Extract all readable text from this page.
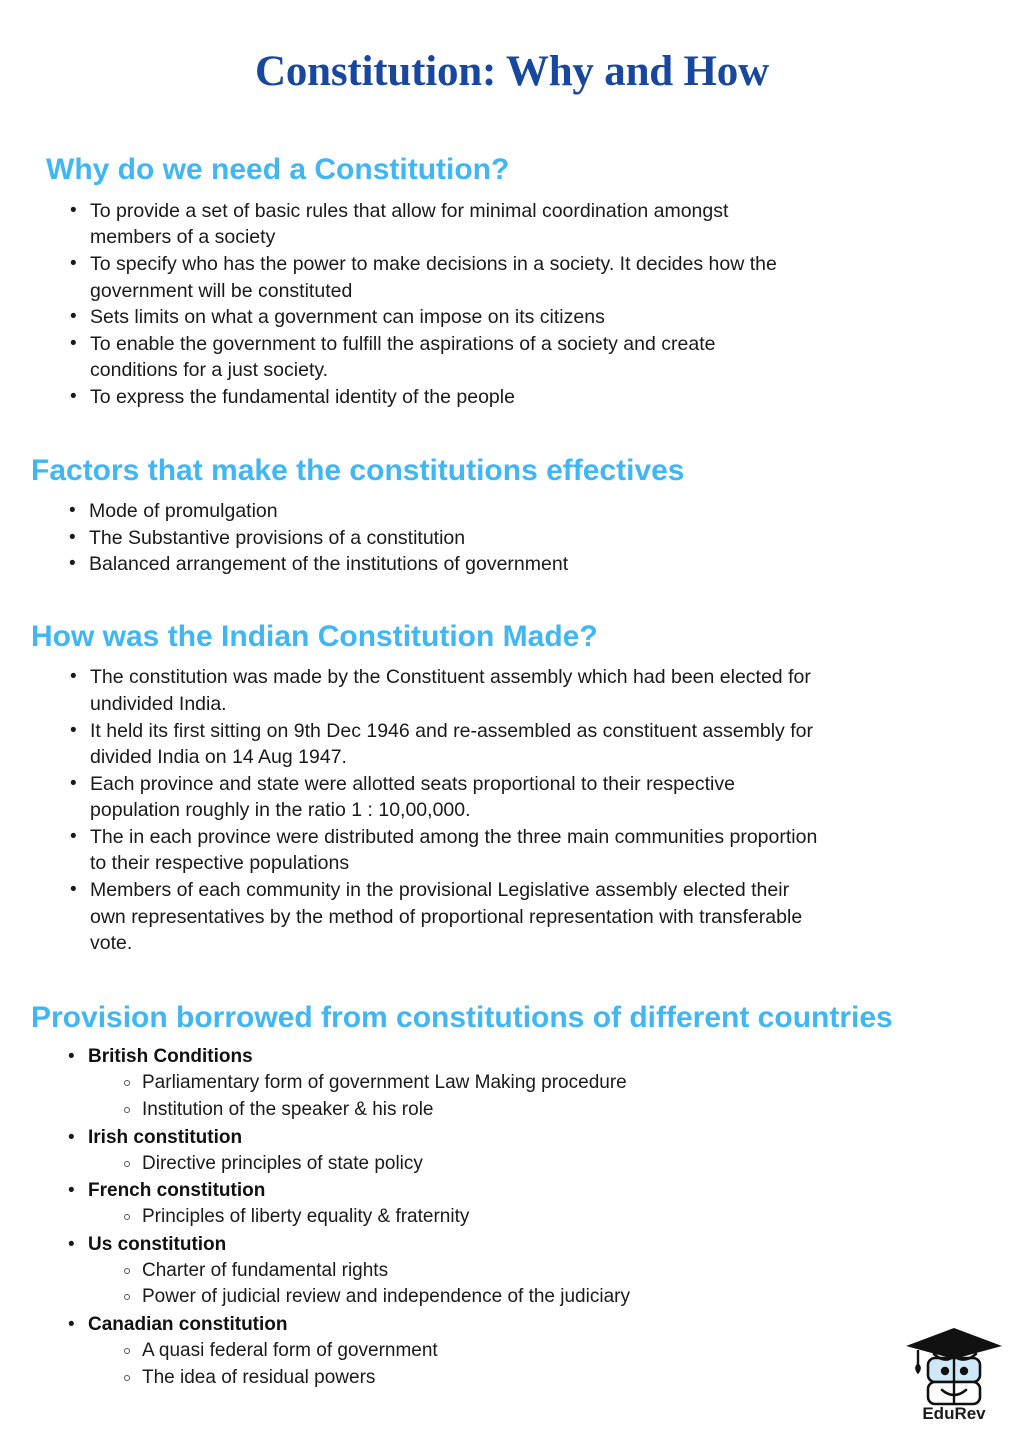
Constitution: Why and How
Why do we need a Constitution?
• To provide a set of basic rules that allow for minimal coordination amongst members of a society
• To specify who has the power to make decisions in a society. It decides how the government will be constituted
• Sets limits on what a government can impose on its citizens
• To enable the government to fulfill the aspirations of a society and create conditions for a just society.
• To express the fundamental identity of the people
Factors that make the constitutions effectives
• Mode of promulgation
• The Substantive provisions of a constitution
• Balanced arrangement of the institutions of government
How was the Indian Constitution Made?
• The constitution was made by the Constituent assembly which had been elected for undivided India.
• It held its first sitting on 9th Dec 1946 and re-assembled as constituent assembly for divided India on 14 Aug 1947.
• Each province and state were allotted seats proportional to their respective population roughly in the ratio 1 : 10,00,000.
• The in each province were distributed among the three main communities proportion to their respective populations
• Members of each community in the provisional Legislative assembly elected their own representatives by the method of proportional representation with transferable vote.
Provision borrowed from constitutions of different countries
• British Conditions
Parliamentary form of government Law Making procedure
Institution of the speaker & his role
• Irish constitution
Directive principles of state policy
• French constitution
Principles of liberty equality & fraternity
• Us constitution
Charter of fundamental rights
Power of judicial review and independence of the judiciary
• Canadian constitution
A quasi federal form of government
The idea of residual powers
EduRev
